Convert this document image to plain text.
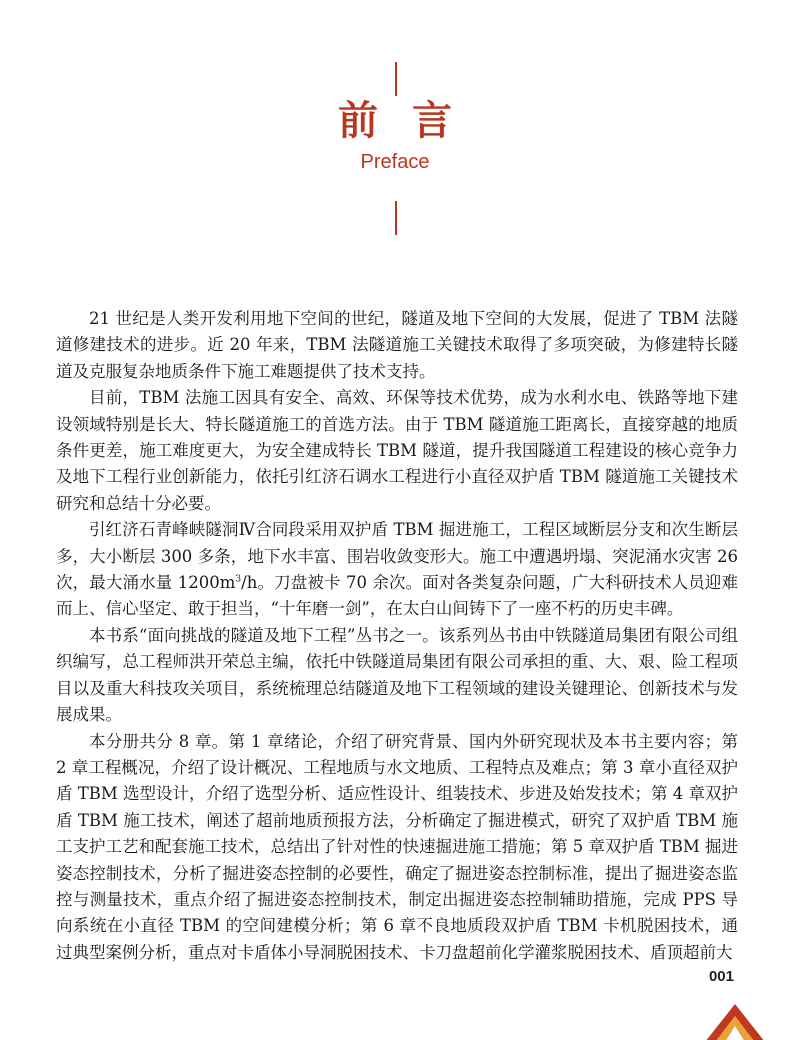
前言
Preface

21 世纪是人类开发利用地下空间的世纪，隧道及地下空间的大发展，促进了 TBM 法隧道修建技术的进步。近 20 年来，TBM 法隧道施工关键技术取得了多项突破，为修建特长隧道及克服复杂地质条件下施工难题提供了技术支持。

目前，TBM 法施工因具有安全、高效、环保等技术优势，成为水利水电、铁路等地下建设领域特别是长大、特长隧道施工的首选方法。由于 TBM 隧道施工距离长，直接穿越的地质条件更差，施工难度更大，为安全建成特长 TBM 隧道，提升我国隧道工程建设的核心竞争力及地下工程行业创新能力，依托引红济石调水工程进行小直径双护盾 TBM 隧道施工关键技术研究和总结十分必要。

引红济石青峰峡隧洞Ⅳ合同段采用双护盾 TBM 掘进施工，工程区域断层分支和次生断层多，大小断层 300 多条，地下水丰富、围岩收敛变形大。施工中遭遇坍塌、突泥涌水灾害 26 次，最大涌水量 $1200m^3/h$。刀盘被卡 70 余次。面对各类复杂问题，广大科研技术人员迎难而上、信心坚定、敢于担当，“十年磨一剑”，在太白山间铸下了一座不朽的历史丰碑。

本书系“面向挑战的隧道及地下工程”丛书之一。该系列丛书由中铁隧道局集团有限公司组织编写，总工程师洪开荣总主编，依托中铁隧道局集团有限公司承担的重、大、艰、险工程项目以及重大科技攻关项目，系统梳理总结隧道及地下工程领域的建设关键理论、创新技术与发展成果。

本分册共分 8 章。第 1 章绪论，介绍了研究背景、国内外研究现状及本书主要内容；第 2 章工程概况，介绍了设计概况、工程地质与水文地质、工程特点及难点；第 3 章小直径双护盾 TBM 选型设计，介绍了选型分析、适应性设计、组装技术、步进及始发技术；第 4 章双护盾 TBM 施工技术，阐述了超前地质预报方法，分析确定了掘进模式，研究了双护盾 TBM 施工支护工艺和配套施工技术，总结出了针对性的快速掘进施工措施；第 5 章双护盾 TBM 掘进姿态控制技术，分析了掘进姿态控制的必要性，确定了掘进姿态控制标准，提出了掘进姿态监控与测量技术，重点介绍了掘进姿态控制技术，制定出掘进姿态控制辅助措施，完成 PPS 导向系统在小直径 TBM 的空间建模分析；第 6 章不良地质段双护盾 TBM 卡机脱困技术，通过典型案例分析，重点对卡盾体小导洞脱困技术、卡刀盘超前化学灌浆脱困技术、盾顶超前大

001
